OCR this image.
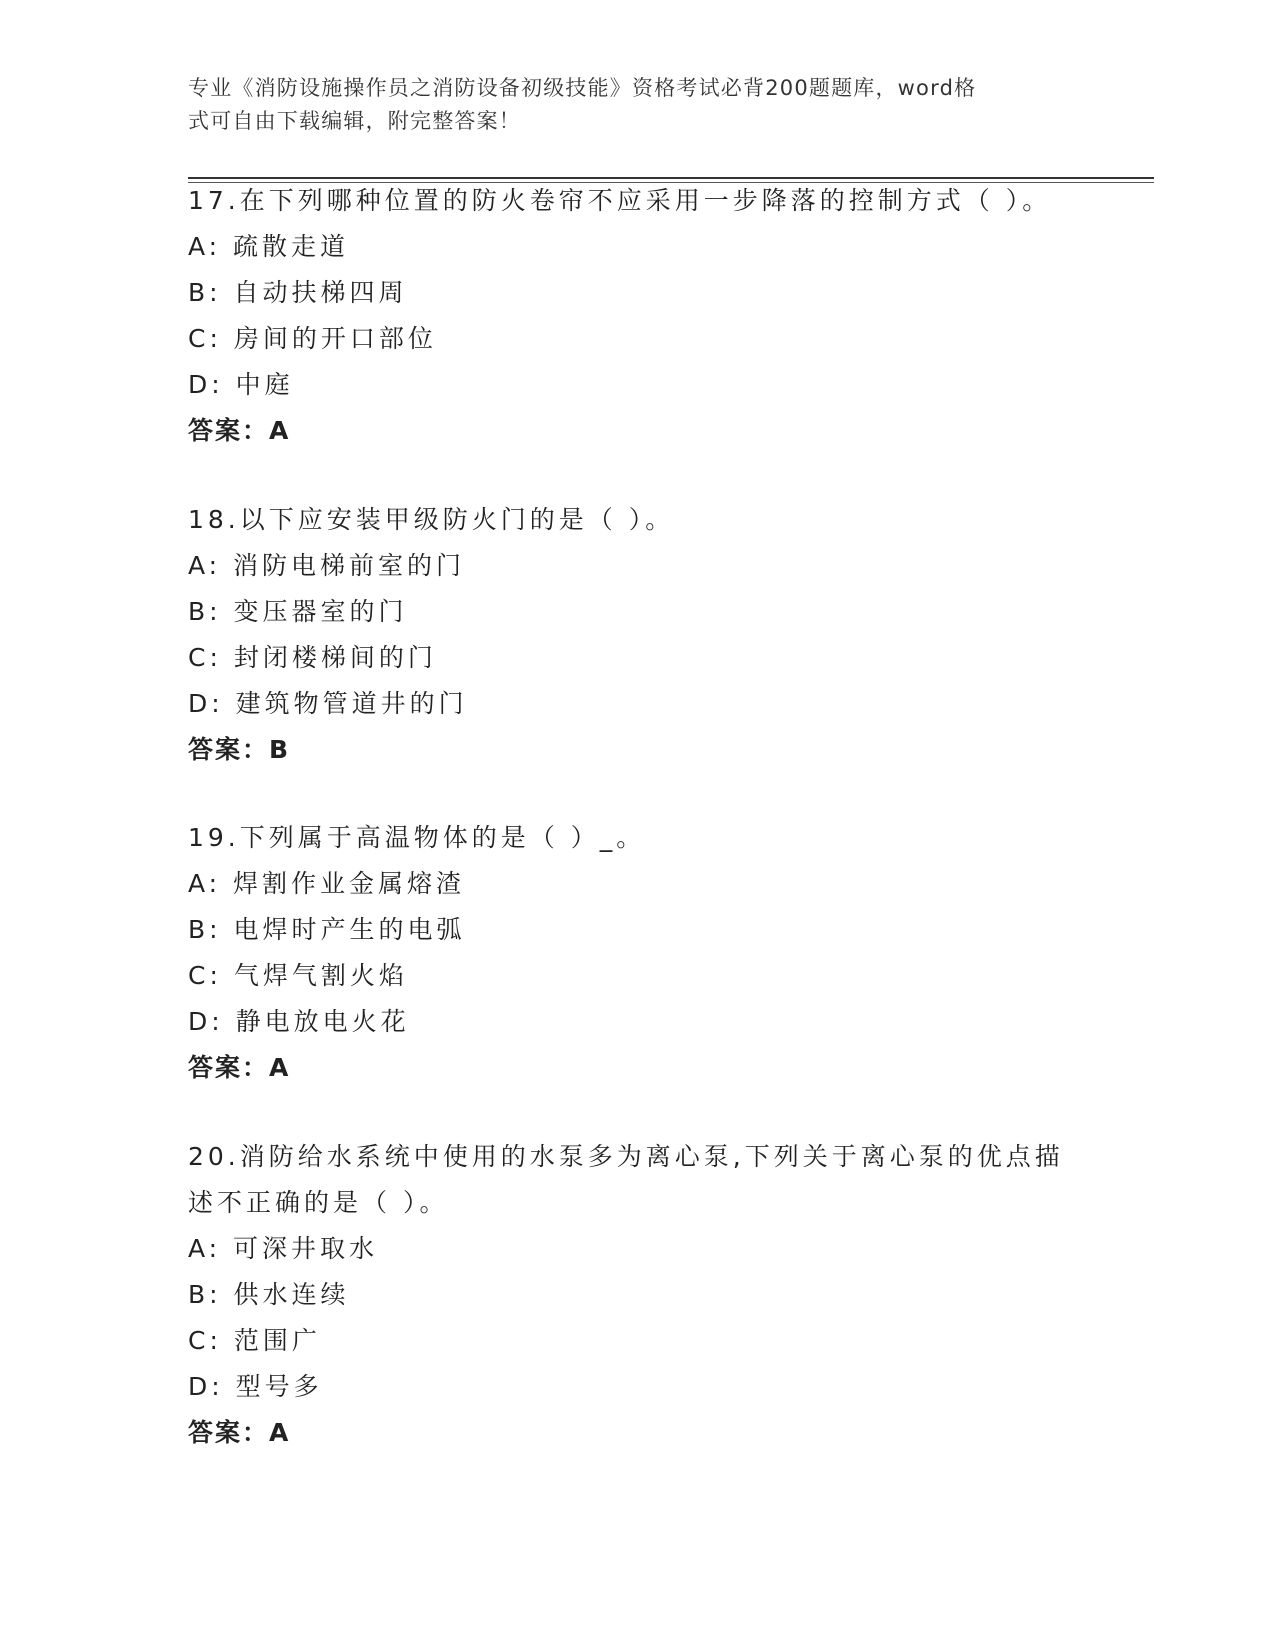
专业《消防设施操作员之消防设备初级技能》资格考试必背200题题库，word格
式可自由下载编辑，附完整答案！

17.在下列哪种位置的防火卷帘不应采用一步降落的控制方式（ ）。

A: 疏散走道

B: 自动扶梯四周

C: 房间的开口部位

D: 中庭

答案：A

18.以下应安装甲级防火门的是（ ）。

A: 消防电梯前室的门

B: 变压器室的门

C: 封闭楼梯间的门

D: 建筑物管道井的门

答案：B

19.下列属于高温物体的是（ ）_。

A: 焊割作业金属熔渣

B: 电焊时产生的电弧

C: 气焊气割火焰

D: 静电放电火花

答案：A

20.消防给水系统中使用的水泵多为离心泵,下列关于离心泵的优点描

述不正确的是（ ）。

A: 可深井取水

B: 供水连续

C: 范围广

D: 型号多

答案：A
